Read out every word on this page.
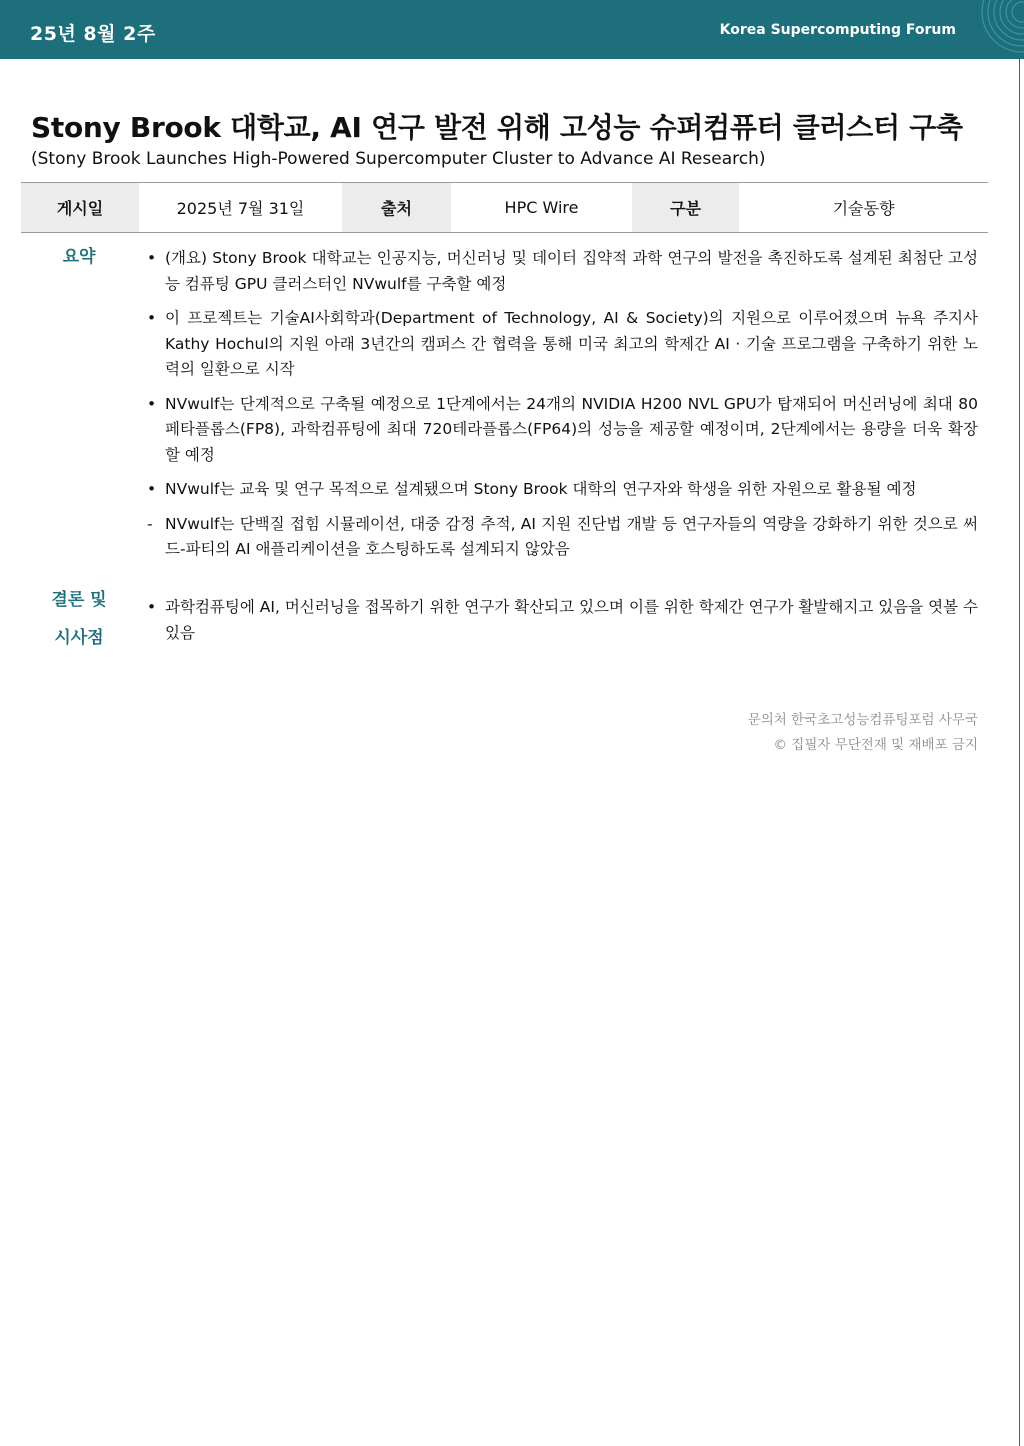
25년 8월 2주	Korea Supercomputing Forum
Stony Brook 대학교, AI 연구 발전 위해 고성능 슈퍼컴퓨터 클러스터 구축
(Stony Brook Launches High-Powered Supercomputer Cluster to Advance AI Research)
게시일	2025년 7월 31일	출처	HPC Wire	구분	기술동향
요약	• (개요) Stony Brook 대학교는 인공지능, 머신러닝 및 데이터 집약적 과학 연구의 발전을 촉진하도록 설계된 최첨단 고성능 컴퓨팅 GPU 클러스터인 NVwulf를 구축할 예정
• 이 프로젝트는 기술AI사회학과(Department of Technology, AI & Society)의 지원으로 이루어졌으며 뉴욕 주지사 Kathy Hochul의 지원 아래 3년간의 캠퍼스 간 협력을 통해 미국 최고의 학제간 AI · 기술 프로그램을 구축하기 위한 노력의 일환으로 시작
• NVwulf는 단계적으로 구축될 예정으로 1단계에서는 24개의 NVIDIA H200 NVL GPU가 탑재되어 머신러닝에 최대 80페타플롭스(FP8), 과학컴퓨팅에 최대 720테라플롭스(FP64)의 성능을 제공할 예정이며, 2단계에서는 용량을 더욱 확장할 예정
• NVwulf는 교육 및 연구 목적으로 설계됐으며 Stony Brook 대학의 연구자와 학생을 위한 자원으로 활용될 예정
- NVwulf는 단백질 접힘 시뮬레이션, 대중 감정 추적, AI 지원 진단법 개발 등 연구자들의 역량을 강화하기 위한 것으로 써드-파티의 AI 애플리케이션을 호스팅하도록 설계되지 않았음
결론 및
시사점
• 과학컴퓨팅에 AI, 머신러닝을 접목하기 위한 연구가 확산되고 있으며 이를 위한 학제간 연구가 활발해지고 있음을 엿볼 수 있음
문의처 한국초고성능컴퓨팅포럼 사무국
© 집필자 무단전재 및 재배포 금지
